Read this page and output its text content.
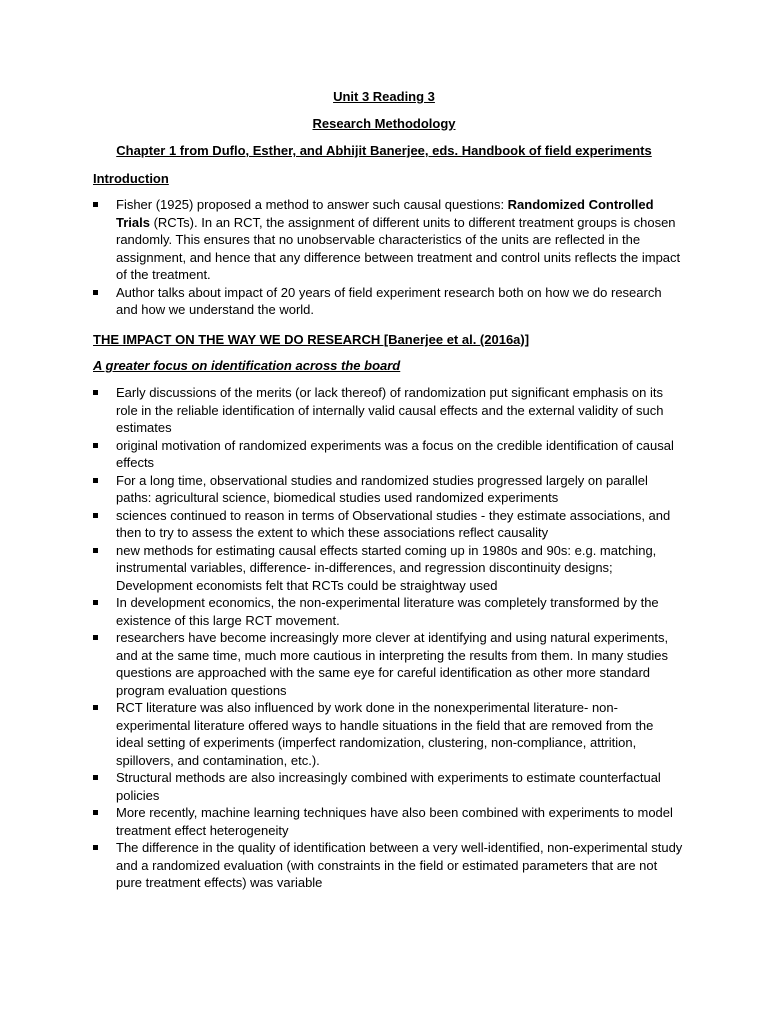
Unit 3 Reading 3
Research Methodology
Chapter 1 from Duflo, Esther, and Abhijit Banerjee, eds. Handbook of field experiments
Introduction
Fisher (1925) proposed a method to answer such causal questions: Randomized Controlled Trials (RCTs). In an RCT, the assignment of different units to different treatment groups is chosen randomly. This ensures that no unobservable characteristics of the units are reflected in the assignment, and hence that any difference between treatment and control units reflects the impact of the treatment.
Author talks about impact of 20 years of field experiment research both on how we do research and how we understand the world.
THE IMPACT ON THE WAY WE DO RESEARCH [Banerjee et al. (2016a)]
A greater focus on identification across the board
Early discussions of the merits (or lack thereof) of randomization put significant emphasis on its role in the reliable identification of internally valid causal effects and the external validity of such estimates
original motivation of randomized experiments was a focus on the credible identification of causal effects
For a long time, observational studies and randomized studies progressed largely on parallel paths: agricultural science, biomedical studies used randomized experiments
sciences continued to reason in terms of Observational studies - they estimate associations, and then to try to assess the extent to which these associations reflect causality
new methods for estimating causal effects started coming up in 1980s and 90s: e.g. matching, instrumental variables, difference- in-differences, and regression discontinuity designs; Development economists felt that RCTs could be straightway used
In development economics, the non-experimental literature was completely transformed by the existence of this large RCT movement.
researchers have become increasingly more clever at identifying and using natural experiments, and at the same time, much more cautious in interpreting the results from them. In many studies questions are approached with the same eye for careful identification as other more standard program evaluation questions
RCT literature was also influenced by work done in the nonexperimental literature- non-experimental literature offered ways to handle situations in the field that are removed from the ideal setting of experiments (imperfect randomization, clustering, non-compliance, attrition, spillovers, and contamination, etc.).
Structural methods are also increasingly combined with experiments to estimate counterfactual policies
More recently, machine learning techniques have also been combined with experiments to model treatment effect heterogeneity
The difference in the quality of identification between a very well-identified, non-experimental study and a randomized evaluation (with constraints in the field or estimated parameters that are not pure treatment effects) was variable
